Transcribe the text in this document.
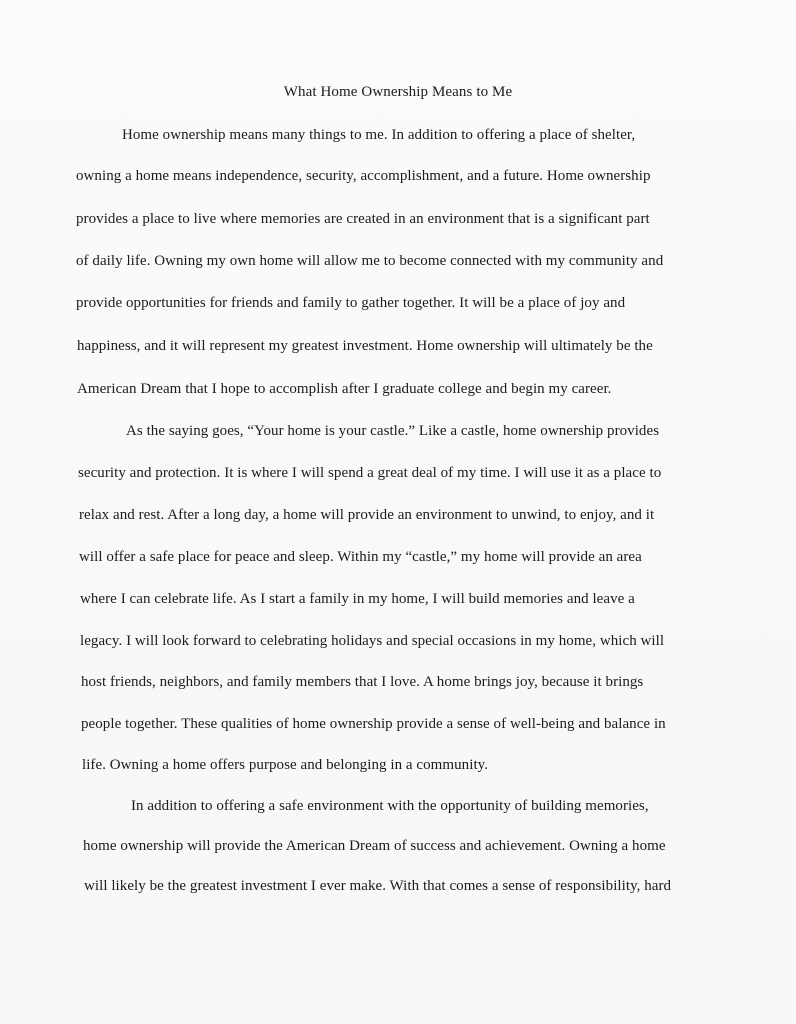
What Home Ownership Means to Me
Home ownership means many things to me. In addition to offering a place of shelter,
owning a home means independence, security, accomplishment, and a future. Home ownership
provides a place to live where memories are created in an environment that is a significant part
of daily life. Owning my own home will allow me to become connected with my community and
provide opportunities for friends and family to gather together. It will be a place of joy and
happiness, and it will represent my greatest investment. Home ownership will ultimately be the
American Dream that I hope to accomplish after I graduate college and begin my career.
As the saying goes, “Your home is your castle.” Like a castle, home ownership provides
security and protection. It is where I will spend a great deal of my time. I will use it as a place to
relax and rest. After a long day, a home will provide an environment to unwind, to enjoy, and it
will offer a safe place for peace and sleep. Within my “castle,” my home will provide an area
where I can celebrate life. As I start a family in my home, I will build memories and leave a
legacy. I will look forward to celebrating holidays and special occasions in my home, which will
host friends, neighbors, and family members that I love. A home brings joy, because it brings
people together. These qualities of home ownership provide a sense of well-being and balance in
life. Owning a home offers purpose and belonging in a community.
In addition to offering a safe environment with the opportunity of building memories,
home ownership will provide the American Dream of success and achievement. Owning a home
will likely be the greatest investment I ever make. With that comes a sense of responsibility, hard
